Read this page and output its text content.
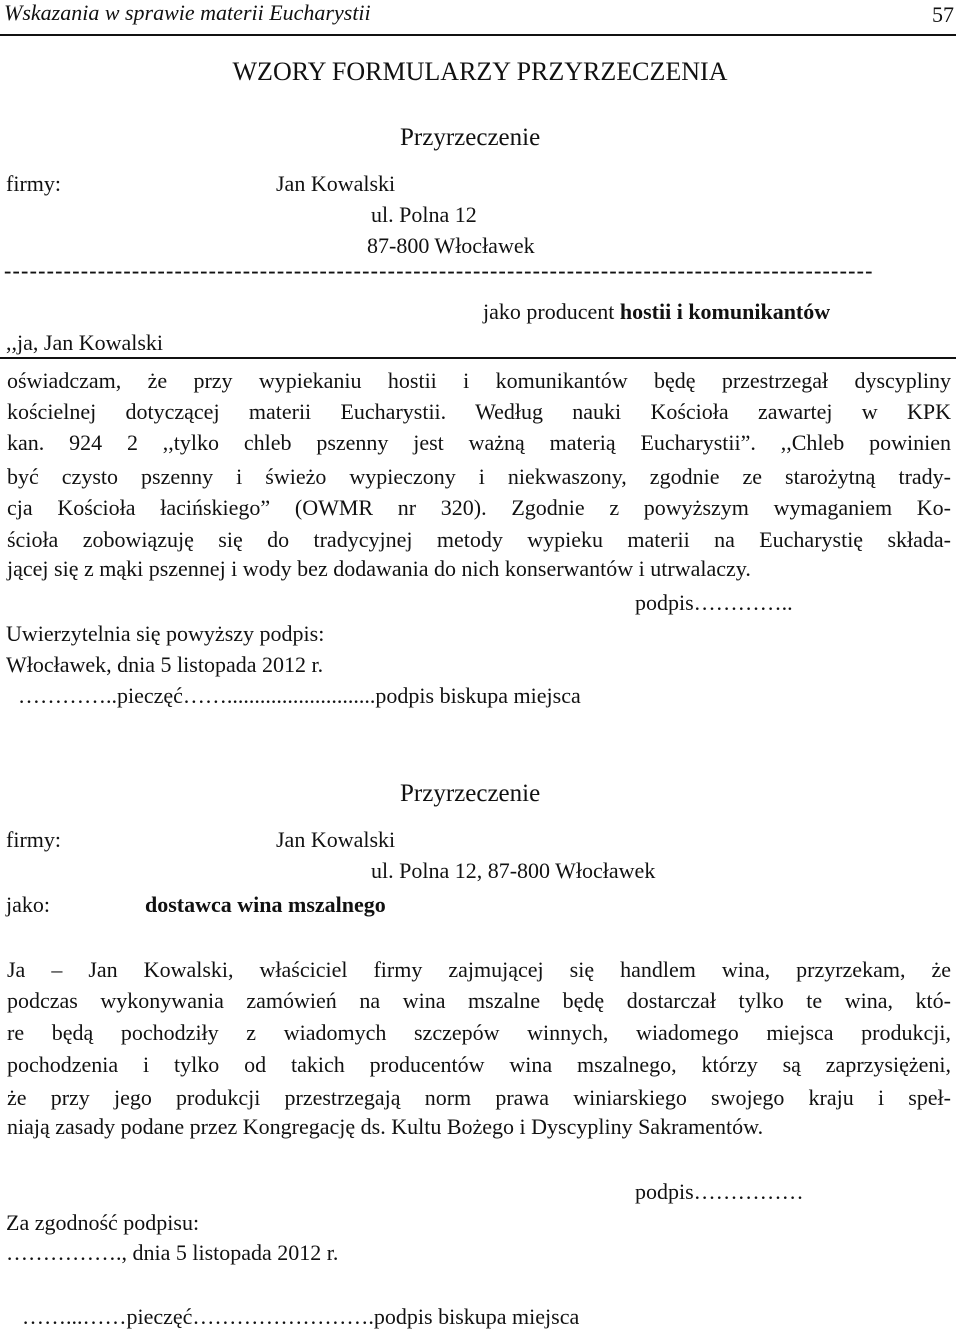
Wskazania w sprawie materii Eucharystii	57
WZORY FORMULARZY PRZYRZECZENIA
Przyrzeczenie
firmy:	Jan Kowalski
ul. Polna 12
87-800 Włocławek
------------------------------------------------------------------------------------------------------
jako producent hostii i komunikantów
,,ja, Jan Kowalski
oświadczam, że przy wypiekaniu hostii i komunikantów będę przestrzegał dyscypliny
kościelnej dotyczącej materii Eucharystii. Według nauki Kościoła zawartej w KPK
kan. 924 2 ,,tylko chleb pszenny jest ważną materią Eucharystii”. ,,Chleb powinien
być czysto pszenny i świeżo wypieczony i niekwaszony, zgodnie ze starożytną trady-
cja Kościoła łacińskiego” (OWMR nr 320). Zgodnie z powyższym wymaganiem Ko-
ścioła zobowiązuję się do tradycyjnej metody wypieku materii na Eucharystię składa-
jącej się z mąki pszennej i wody bez dodawania do nich konserwantów i utrwalaczy.
podpis…………..
Uwierzytelnia się powyższy podpis:
Włocławek, dnia 5 listopada 2012 r.
…………..pieczęć……...........................podpis biskupa miejsca
Przyrzeczenie
firmy:	Jan Kowalski
ul. Polna 12, 87-800 Włocławek
jako:	dostawca wina mszalnego
Ja – Jan Kowalski, właściciel firmy zajmującej się handlem wina, przyrzekam, że
podczas wykonywania zamówień na wina mszalne będę dostarczał tylko te wina, któ-
re będą pochodziły z wiadomych szczepów winnych, wiadomego miejsca produkcji,
pochodzenia i tylko od takich producentów wina mszalnego, którzy są zaprzysiężeni,
że przy jego produkcji przestrzegają norm prawa winiarskiego swojego kraju i speł-
niają zasady podane przez Kongregację ds. Kultu Bożego i Dyscypliny Sakramentów.
podpis……………
Za zgodność podpisu:
……………., dnia 5 listopada 2012 r.
……...……pieczęć…………………….podpis biskupa miejsca
